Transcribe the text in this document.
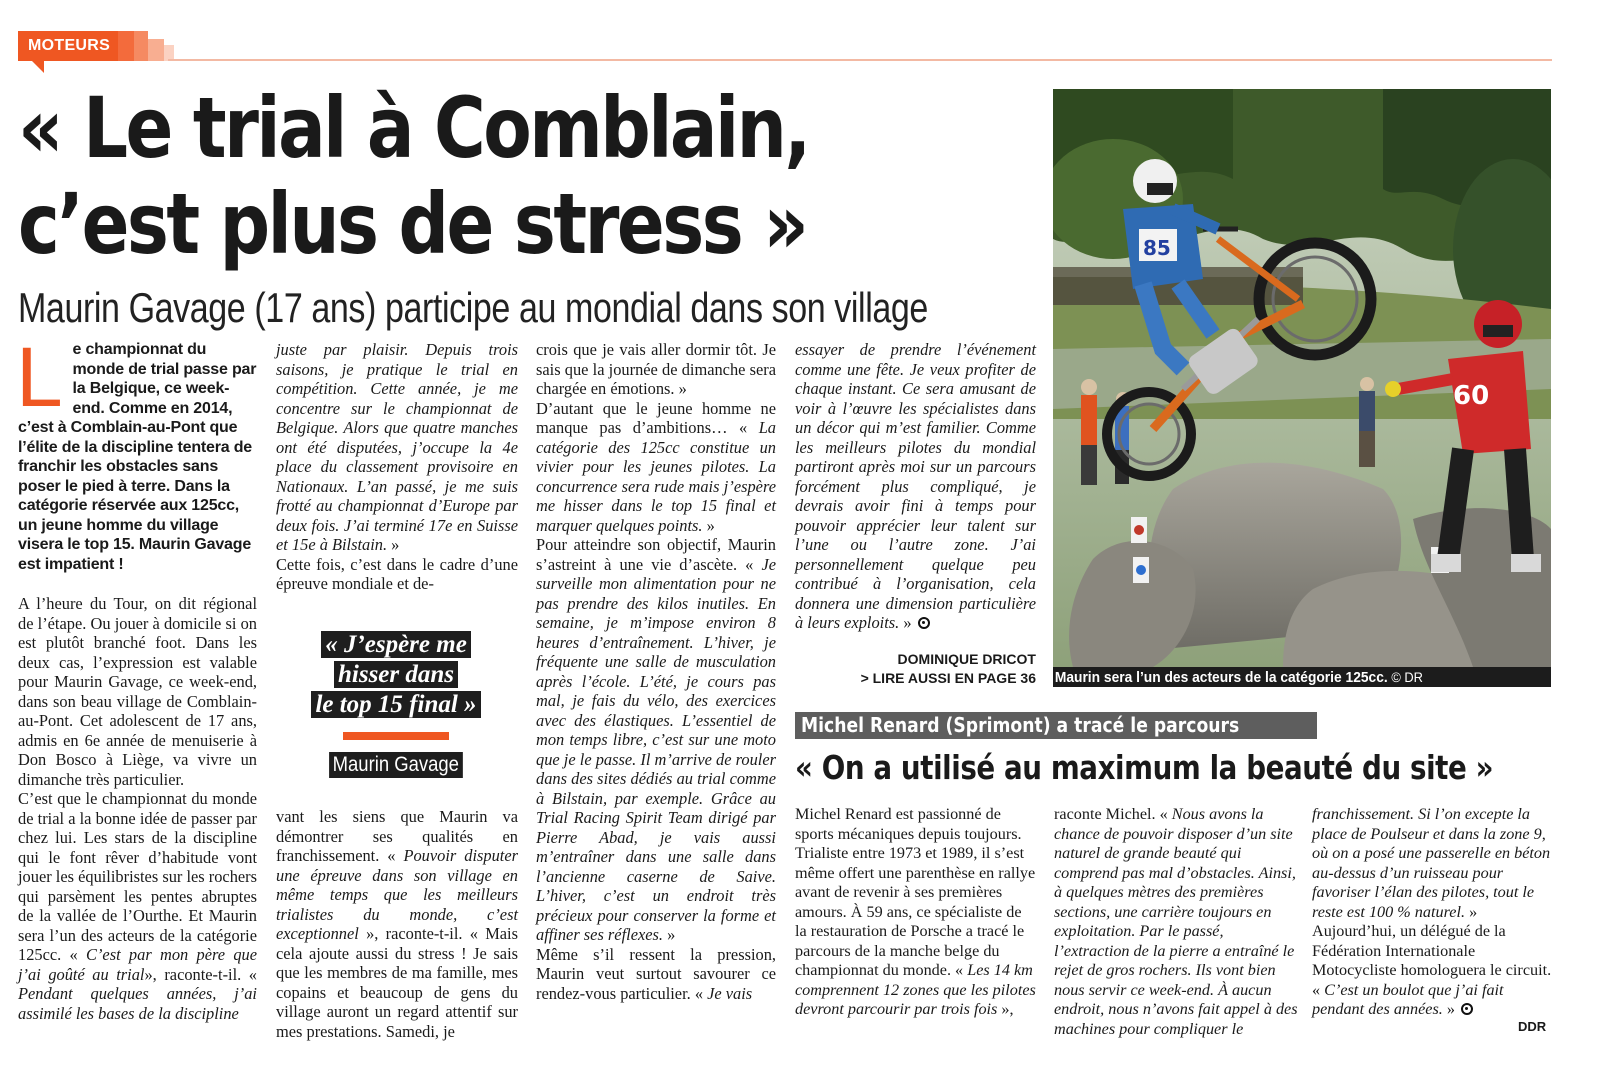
MOTEURS
« Le trial à Comblain,
c’est plus de stress »
Maurin Gavage (17 ans) participe au mondial dans son village
85
60
Maurin sera l’un des acteurs de la catégorie 125cc. © DR

Le championnat du monde de trial passe par la Belgique, ce week-end. Comme en 2014, c’est à Comblain-au-Pont que l’élite de la discipline tentera de franchir les obstacles sans poser le pied à terre. Dans la catégorie réservée aux 125cc, un jeune homme du village visera le top 15. Maurin Gavage est impatient !

A l’heure du Tour, on dit régional de l’étape. Ou jouer à domicile si on est plutôt branché foot. Dans les deux cas, l’expression est valable pour Maurin Gavage, ce week-end, dans son beau village de Comblain-au-Pont. Cet adolescent de 17 ans, admis en 6e année de menuiserie à Don Bosco à Liège, va vivre un dimanche très particulier.

C’est que le championnat du monde de trial a la bonne idée de passer par chez lui. Les stars de la discipline qui le font rêver d’habitude vont jouer les équilibristes sur les rochers qui parsèment les pentes abruptes de la vallée de l’Ourthe. Et Maurin sera l’un des acteurs de la catégorie 125cc. « C’est par mon père que j’ai goûté au trial», raconte-t-il. « Pendant quelques années, j’ai assimilé les bases de la discipline

juste par plaisir. Depuis trois saisons, je pratique le trial en compétition. Cette année, je me concentre sur le championnat de Belgique. Alors que quatre manches ont été disputées, j’occupe la 4e place du classement provisoire en Nationaux. L’an passé, je me suis frotté au championnat d’Europe par deux fois. J’ai terminé 17e en Suisse et 15e à Bilstain. »

Cette fois, c’est dans le cadre d’une épreuve mondiale et de-

« J’espère me
hisser dans
le top 15 final »
Maurin Gavage

vant les siens que Maurin va démontrer ses qualités en franchissement. « Pouvoir disputer une épreuve dans son village en même temps que les meilleurs trialistes du monde, c’est exceptionnel », raconte-t-il. « Mais cela ajoute aussi du stress ! Je sais que les membres de ma famille, mes copains et beaucoup de gens du village auront un regard attentif sur mes prestations. Samedi, je

crois que je vais aller dormir tôt. Je sais que la journée de dimanche sera chargée en émotions. »

D’autant que le jeune homme ne manque pas d’ambitions… « La catégorie des 125cc constitue un vivier pour les jeunes pilotes. La concurrence sera rude mais j’espère me hisser dans le top 15 final et marquer quelques points. »

Pour atteindre son objectif, Maurin s’astreint à une vie d’ascète. « Je surveille mon alimentation pour ne pas prendre des kilos inutiles. En semaine, je m’impose environ 8 heures d’entraînement. L’hiver, je fréquente une salle de musculation après l’école. L’été, je cours pas mal, je fais du vélo, des exercices avec des élastiques. L’essentiel de mon temps libre, c’est sur une moto que je le passe. Il m’arrive de rouler dans des sites dédiés au trial comme à Bilstain, par exemple. Grâce au Trial Racing Spirit Team dirigé par Pierre Abad, je vais aussi m’entraîner dans une salle dans l’ancienne caserne de Saive. L’hiver, c’est un endroit très précieux pour conserver la forme et affiner ses réflexes. »

Même s’il ressent la pression, Maurin veut surtout savourer ce rendez-vous particulier. « Je vais

essayer de prendre l’événement comme une fête. Je veux profiter de chaque instant. Ce sera amusant de voir à l’œuvre les spécialistes dans un décor qui m’est familier. Comme les meilleurs pilotes du mondial partiront après moi sur un parcours forcément plus compliqué, je devrais avoir fini à temps pour pouvoir apprécier leur talent sur l’une ou l’autre zone. J’ai personnellement quelque peu contribué à l’organisation, cela donnera une dimension particulière à leurs exploits. »

DOMINIQUE DRICOT
> LIRE AUSSI EN PAGE 36
Michel Renard (Sprimont) a tracé le parcours
« On a utilisé au maximum la beauté du site »
Michel Renard est passionné de sports mécaniques depuis toujours. Trialiste entre 1973 et 1989, il s’est même offert une parenthèse en rallye avant de revenir à ses premières amours. À 59 ans, ce spécialiste de la restauration de Porsche a tracé le parcours de la manche belge du championnat du monde. « Les 14 km comprennent 12 zones que les pilotes devront parcourir par trois fois »,
raconte Michel. « Nous avons la chance de pouvoir disposer d’un site naturel de grande beauté qui comprend pas mal d’obstacles. Ainsi, à quelques mètres des premières sections, une carrière toujours en exploitation. Par le passé, l’extraction de la pierre a entraîné le rejet de gros rochers. Ils vont bien nous servir ce week-end. À aucun endroit, nous n’avons fait appel à des machines pour compliquer le
franchissement. Si l’on excepte la place de Poulseur et dans la zone 9, où on a posé une passerelle en béton au-dessus d’un ruisseau pour favoriser l’élan des pilotes, tout le reste est 100 % naturel. » Aujourd’hui, un délégué de la Fédération Internationale Motocycliste homologuera le circuit. « C’est un boulot que j’ai fait pendant des années. »
DDR
